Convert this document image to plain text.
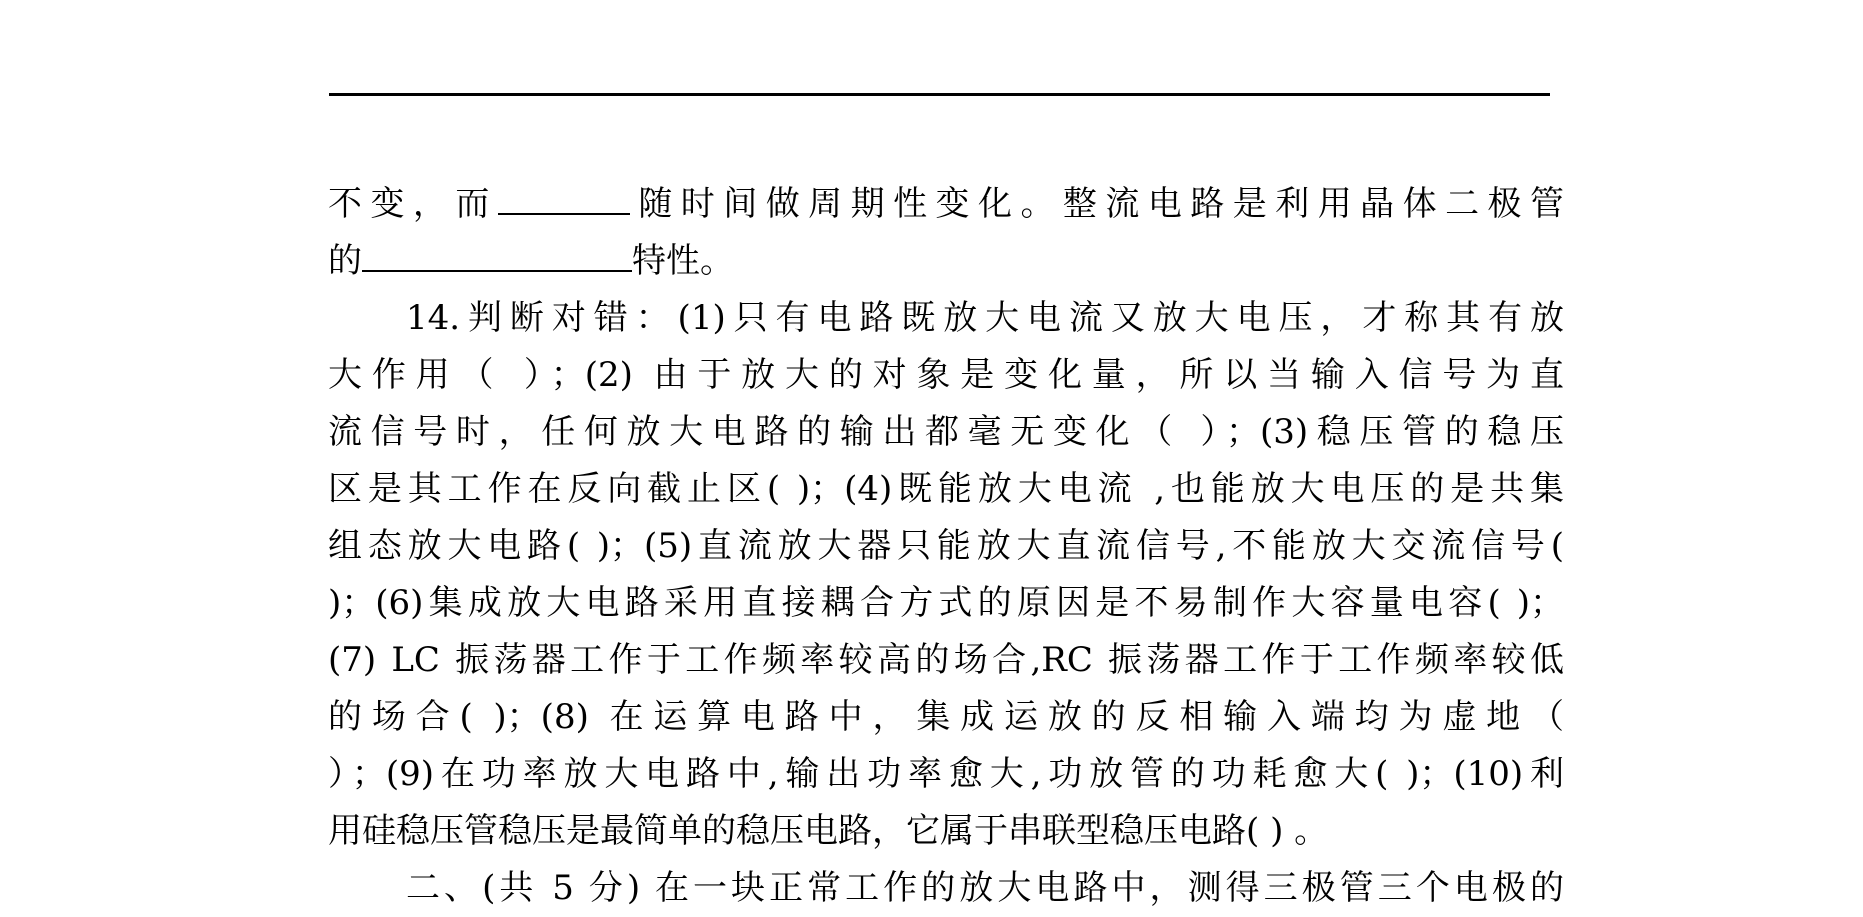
不变，而	随时间做周期性变化。整流电路是利用晶体二极管
的	特性。
14.判断对错：(1)只有电路既放大电流又放大电压，才称其有放
大作用（ ）；(2) 由于放大的对象是变化量，所以当输入信号为直
流信号时，任何放大电路的输出都毫无变化（ ）；(3)稳压管的稳压
区是其工作在反向截止区( )；(4)既能放大电流 ,也能放大电压的是共集
组态放大电路( )；(5)直流放大器只能放大直流信号,不能放大交流信号(
)；(6)集成放大电路采用直接耦合方式的原因是不易制作大容量电容( )；
(7) LC 振荡器工作于工作频率较高的场合,RC 振荡器工作于工作频率较低
的场合( )；(8) 在运算电路中，集成运放的反相输入端均为虚地（
）；(9)在功率放大电路中,输出功率愈大,功放管的功耗愈大( )；(10)利
用硅稳压管稳压是最简单的稳压电路，它属于串联型稳压电路( ) 。
二、(共 5 分) 在一块正常工作的放大电路中，测得三极管三个电极的
